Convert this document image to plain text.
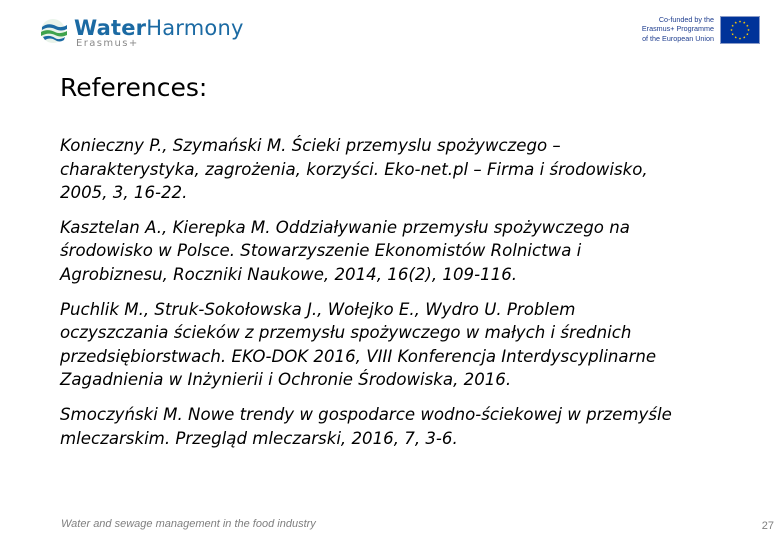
WaterHarmony
Erasmus+
Co-funded by the
Erasmus+ Programme
of the European Union
References:
Konieczny P., Szymański M. Ścieki przemyslu spożywczego –
charakterystyka, zagrożenia, korzyści. Eko-net.pl – Firma i środowisko,
2005, 3, 16-22.
Kasztelan A., Kierepka M. Oddziaływanie przemysłu spożywczego na
środowisko w Polsce. Stowarzyszenie Ekonomistów Rolnictwa i
Agrobiznesu, Roczniki Naukowe, 2014, 16(2), 109-116.
Puchlik M., Struk-Sokołowska J., Wołejko E., Wydro U. Problem
oczyszczania ścieków z przemysłu spożywczego w małych i średnich
przedsiębiorstwach. EKO-DOK 2016, VIII Konferencja Interdyscyplinarne
Zagadnienia w Inżynierii i Ochronie Środowiska, 2016.
Smoczyński M. Nowe trendy w gospodarce wodno-ściekowej w przemyśle
mleczarskim. Przegląd mleczarski, 2016, 7, 3-6.
Water and sewage management in the food industry	27
